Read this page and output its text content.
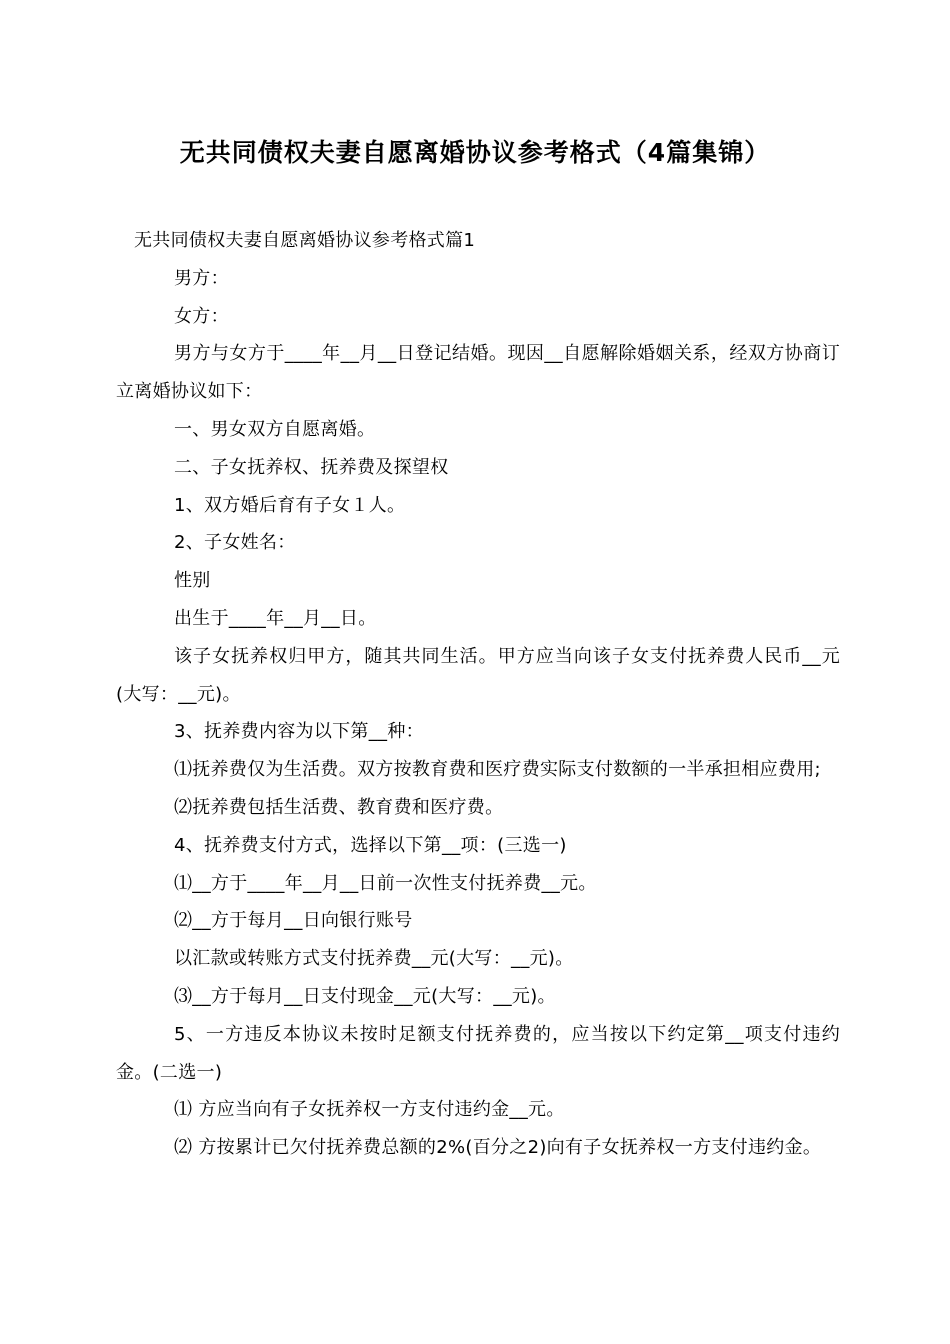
无共同债权夫妻自愿离婚协议参考格式（4篇集锦）

无共同债权夫妻自愿离婚协议参考格式篇1

男方：

女方：

男方与女方于____年__月__日登记结婚。现因__自愿解除婚姻关系，经双方协商订立离婚协议如下：

一、男女双方自愿离婚。

二、子女抚养权、抚养费及探望权

1、双方婚后育有子女１人。

2、子女姓名：

性别

出生于____年__月__日。

该子女抚养权归甲方，随其共同生活。甲方应当向该子女支付抚养费人民币__元(大写：__元)。

3、抚养费内容为以下第__种：

⑴抚养费仅为生活费。双方按教育费和医疗费实际支付数额的一半承担相应费用;

⑵抚养费包括生活费、教育费和医疗费。

4、抚养费支付方式，选择以下第__项：(三选一)

⑴__方于____年__月__日前一次性支付抚养费__元。

⑵__方于每月__日向银行账号

以汇款或转账方式支付抚养费__元(大写：__元)。

⑶__方于每月__日支付现金__元(大写：__元)。

5、一方违反本协议未按时足额支付抚养费的，应当按以下约定第__项支付违约金。(二选一)

⑴ 方应当向有子女抚养权一方支付违约金__元。

⑵ 方按累计已欠付抚养费总额的2%(百分之2)向有子女抚养权一方支付违约金。
